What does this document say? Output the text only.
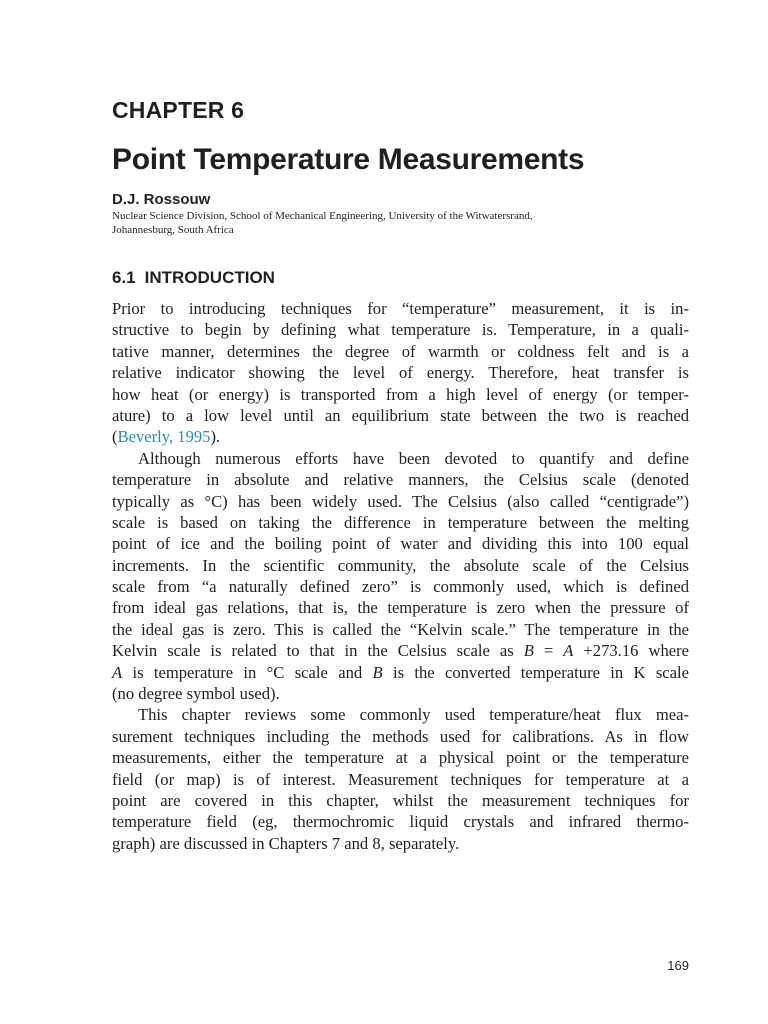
CHAPTER 6
Point Temperature Measurements
D.J. Rossouw
Nuclear Science Division, School of Mechanical Engineering, University of the Witwatersrand,
Johannesburg, South Africa
6.1 INTRODUCTION
Prior to introducing techniques for “temperature” measurement, it is in-
structive to begin by defining what temperature is. Temperature, in a quali-
tative manner, determines the degree of warmth or coldness felt and is a
relative indicator showing the level of energy. Therefore, heat transfer is
how heat (or energy) is transported from a high level of energy (or temper-
ature) to a low level until an equilibrium state between the two is reached
(Beverly, 1995).
Although numerous efforts have been devoted to quantify and define
temperature in absolute and relative manners, the Celsius scale (denoted
typically as °C) has been widely used. The Celsius (also called “centigrade”)
scale is based on taking the difference in temperature between the melting
point of ice and the boiling point of water and dividing this into 100 equal
increments. In the scientific community, the absolute scale of the Celsius
scale from “a naturally defined zero” is commonly used, which is defined
from ideal gas relations, that is, the temperature is zero when the pressure of
the ideal gas is zero. This is called the “Kelvin scale.” The temperature in the
Kelvin scale is related to that in the Celsius scale as B = A +273.16 where
A is temperature in °C scale and B is the converted temperature in K scale
(no degree symbol used).
This chapter reviews some commonly used temperature/heat flux mea-
surement techniques including the methods used for calibrations. As in flow
measurements, either the temperature at a physical point or the temperature
field (or map) is of interest. Measurement techniques for temperature at a
point are covered in this chapter, whilst the measurement techniques for
temperature field (eg, thermochromic liquid crystals and infrared thermo-
graph) are discussed in Chapters 7 and 8, separately.
169
